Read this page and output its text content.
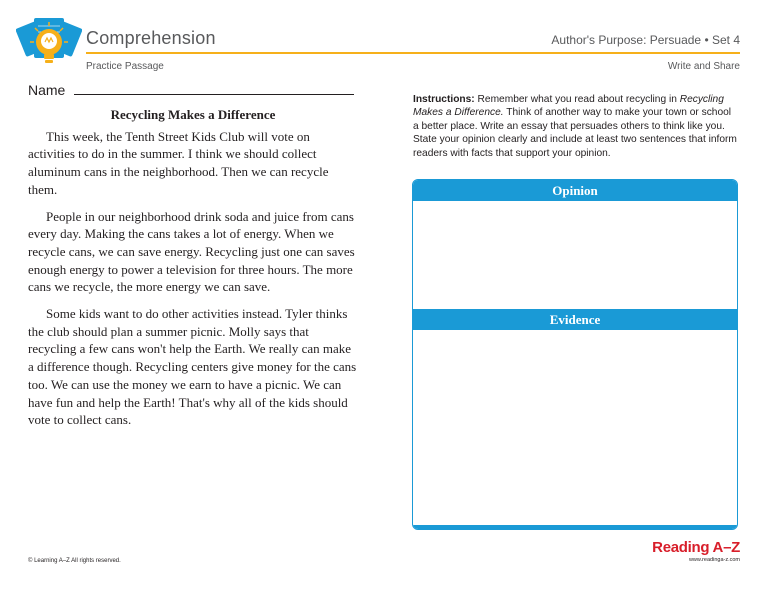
Comprehension	Author's Purpose: Persuade • Set 4
Practice Passage	Write and Share
Name
Recycling Makes a Difference

This week, the Tenth Street Kids Club will vote on activities to do in the summer. I think we should collect aluminum cans in the neighborhood. Then we can recycle them.

People in our neighborhood drink soda and juice from cans every day. Making the cans takes a lot of energy. When we recycle cans, we can save energy. Recycling just one can saves enough energy to power a television for three hours. The more cans we recycle, the more energy we can save.

Some kids want to do other activities instead. Tyler thinks the club should plan a summer picnic. Molly says that recycling a few cans won't help the Earth. We really can make a difference though. Recycling centers give money for the cans too. We can use the money we earn to have a picnic. We can have fun and help the Earth! That's why all of the kids should vote to collect cans.

Instructions: Remember what you read about recycling in Recycling Makes a Difference. Think of another way to make your town or school a better place. Write an essay that persuades others to think like you. State your opinion clearly and include at least two sentences that inform readers with facts that support your opinion.
Opinion
Evidence
© Learning A–Z All rights reserved.
Reading A–Z
www.readinga-z.com
